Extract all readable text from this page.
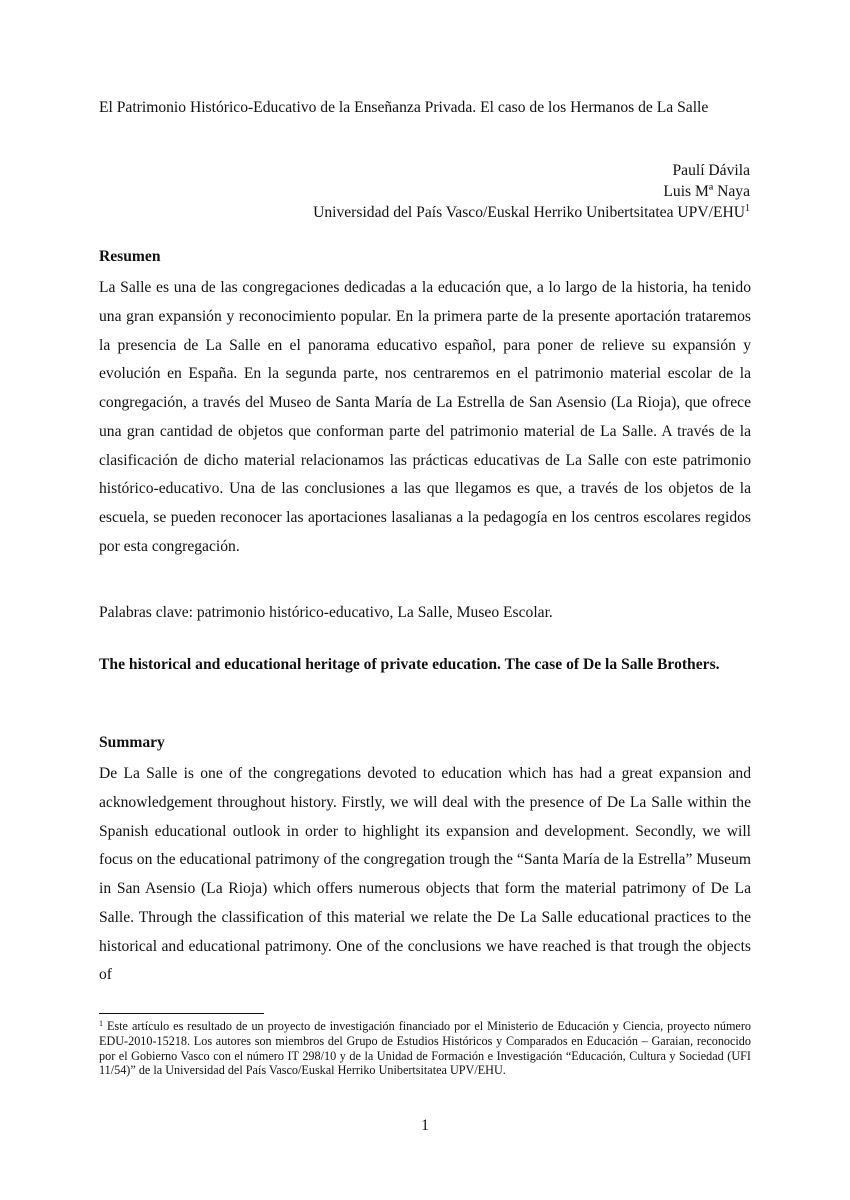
El Patrimonio Histórico-Educativo de la Enseñanza Privada. El caso de los Hermanos de La Salle
Paulí Dávila
Luis Mª Naya
Universidad del País Vasco/Euskal Herriko Unibertsitatea UPV/EHU$^1$
Resumen

La Salle es una de las congregaciones dedicadas a la educación que, a lo largo de la historia, ha tenido una gran expansión y reconocimiento popular. En la primera parte de la presente aportación trataremos la presencia de La Salle en el panorama educativo español, para poner de relieve su expansión y evolución en España. En la segunda parte, nos centraremos en el patrimonio material escolar de la congregación, a través del Museo de Santa María de La Estrella de San Asensio (La Rioja), que ofrece una gran cantidad de objetos que conforman parte del patrimonio material de La Salle. A través de la clasificación de dicho material relacionamos las prácticas educativas de La Salle con este patrimonio histórico-educativo. Una de las conclusiones a las que llegamos es que, a través de los objetos de la escuela, se pueden reconocer las aportaciones lasalianas a la pedagogía en los centros escolares regidos por esta congregación.

Palabras clave: patrimonio histórico-educativo, La Salle, Museo Escolar.
The historical and educational heritage of private education. The case of De la Salle Brothers.
Summary

De La Salle is one of the congregations devoted to education which has had a great expansion and acknowledgement throughout history. Firstly, we will deal with the presence of De La Salle within the Spanish educational outlook in order to highlight its expansion and development. Secondly, we will focus on the educational patrimony of the congregation trough the “Santa María de la Estrella” Museum in San Asensio (La Rioja) which offers numerous objects that form the material patrimony of De La Salle. Through the classification of this material we relate the De La Salle educational practices to the historical and educational patrimony. One of the conclusions we have reached is that trough the objects of

$^1$ Este artículo es resultado de un proyecto de investigación financiado por el Ministerio de Educación y Ciencia, proyecto número EDU-2010-15218. Los autores son miembros del Grupo de Estudios Históricos y Comparados en Educación – Garaian, reconocido por el Gobierno Vasco con el número IT 298/10 y de la Unidad de Formación e Investigación “Educación, Cultura y Sociedad (UFI 11/54)” de la Universidad del País Vasco/Euskal Herriko Unibertsitatea UPV/EHU.

1
